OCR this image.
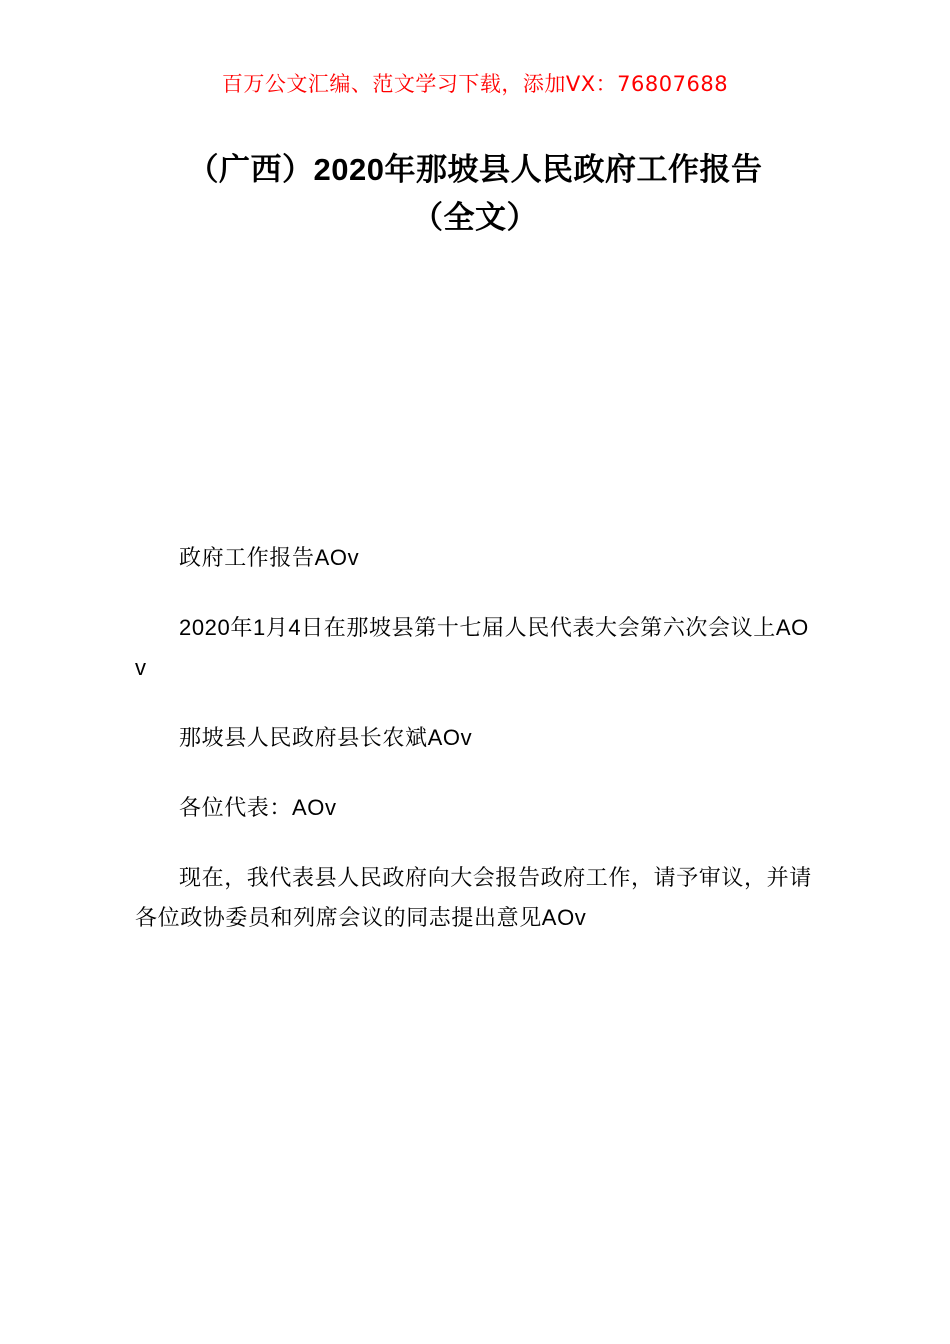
百万公文汇编、范文学习下载，添加VX：76807688
（广西）2020年那坡县人民政府工作报告
（全文）

政府工作报告AOv

2020年1月4日在那坡县第十七届人民代表大会第六次会议上AOv

那坡县人民政府县长农斌AOv

各位代表：AOv

现在，我代表县人民政府向大会报告政府工作，请予审议，并请各位政协委员和列席会议的同志提出意见AOv
